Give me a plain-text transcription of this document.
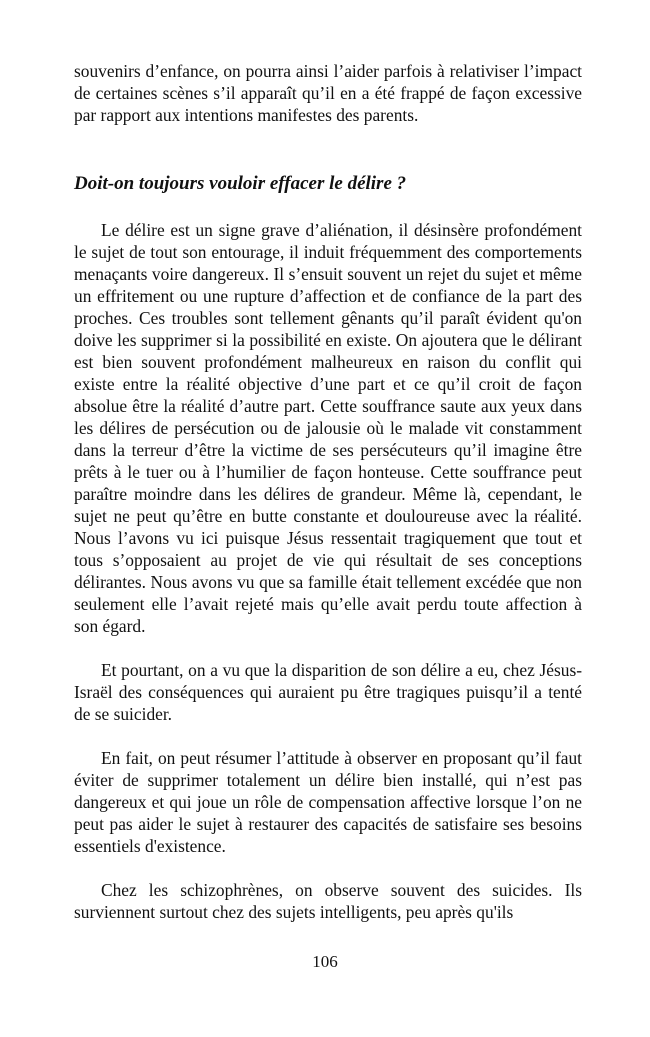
souvenirs d’enfance, on pourra ainsi l’aider parfois à relativiser l’impact de certaines scènes s’il apparaît qu’il en a été frappé de façon excessive par rapport aux intentions manifestes des parents.

Doit-on toujours vouloir effacer le délire ?

Le délire est un signe grave d’aliénation, il désinsère profondément le sujet de tout son entourage, il induit fréquemment des comportements menaçants voire dangereux. Il s’ensuit souvent un rejet du sujet et même un effritement ou une rupture d’affection et de confiance de la part des proches. Ces troubles sont tellement gênants qu’il paraît évident qu'on doive les supprimer si la possibilité en existe. On ajoutera que le délirant est bien souvent profondément malheureux en raison du conflit qui existe entre la réalité objective d’une part et ce qu’il croit de façon absolue être la réalité d’autre part. Cette souffrance saute aux yeux dans les délires de persécution ou de jalousie où le malade vit constamment dans la terreur d’être la victime de ses persécuteurs qu’il imagine être prêts à le tuer ou à l’humilier de façon honteuse. Cette souffrance peut paraître moindre dans les délires de grandeur. Même là, cependant, le sujet ne peut qu’être en butte constante et douloureuse avec la réalité. Nous l’avons vu ici puisque Jésus ressentait tragiquement que tout et tous s’opposaient au projet de vie qui résultait de ses conceptions délirantes. Nous avons vu que sa famille était tellement excédée que non seulement elle l’avait rejeté mais qu’elle avait perdu toute affection à son égard.

Et pourtant, on a vu que la disparition de son délire a eu, chez Jésus-Israël des conséquences qui auraient pu être tragiques puisqu’il a tenté de se suicider.

En fait, on peut résumer l’attitude à observer en proposant qu’il faut éviter de supprimer totalement un délire bien installé, qui n’est pas dangereux et qui joue un rôle de compensation affective lorsque l’on ne peut pas aider le sujet à restaurer des capacités de satisfaire ses besoins essentiels d'existence.

Chez les schizophrènes, on observe souvent des suicides. Ils surviennent surtout chez des sujets intelligents, peu après qu'ils

106
